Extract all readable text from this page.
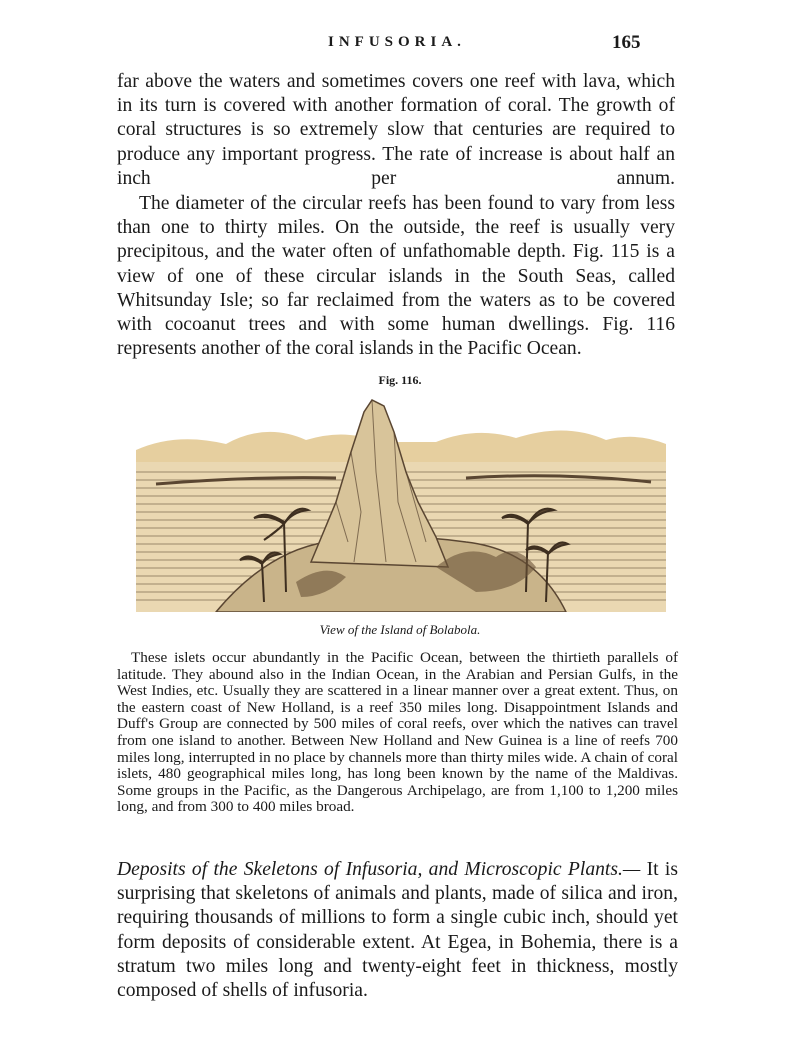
INFUSORIA.	165

far above the waters and sometimes covers one reef with lava, which in its turn is covered with another formation of coral. The growth of coral structures is so extremely slow that centuries are required to produce any important progress. The rate of increase is about half an inch per annum.

The diameter of the circular reefs has been found to vary from less than one to thirty miles. On the outside, the reef is usually very precipitous, and the water often of unfathomable depth. Fig. 115 is a view of one of these circular islands in the South Seas, called Whitsunday Isle; so far reclaimed from the waters as to be covered with cocoanut trees and with some human dwellings. Fig. 116 represents another of the coral islands in the Pacific Ocean.

Fig. 116.
View of the Island of Bolabola.

These islets occur abundantly in the Pacific Ocean, between the thirtieth parallels of latitude. They abound also in the Indian Ocean, in the Arabian and Persian Gulfs, in the West Indies, etc. Usually they are scattered in a linear manner over a great extent. Thus, on the eastern coast of New Holland, is a reef 350 miles long. Disappointment Islands and Duff's Group are connected by 500 miles of coral reefs, over which the natives can travel from one island to another. Between New Holland and New Guinea is a line of reefs 700 miles long, interrupted in no place by channels more than thirty miles wide. A chain of coral islets, 480 geographical miles long, has long been known by the name of the Maldivas. Some groups in the Pacific, as the Dangerous Archipelago, are from 1,100 to 1,200 miles long, and from 300 to 400 miles broad.

Deposits of the Skeletons of Infusoria, and Microscopic Plants.— It is surprising that skeletons of animals and plants, made of silica and iron, requiring thousands of millions to form a single cubic inch, should yet form deposits of considerable extent. At Egea, in Bohemia, there is a stratum two miles long and twenty-eight feet in thickness, mostly composed of shells of infusoria.
